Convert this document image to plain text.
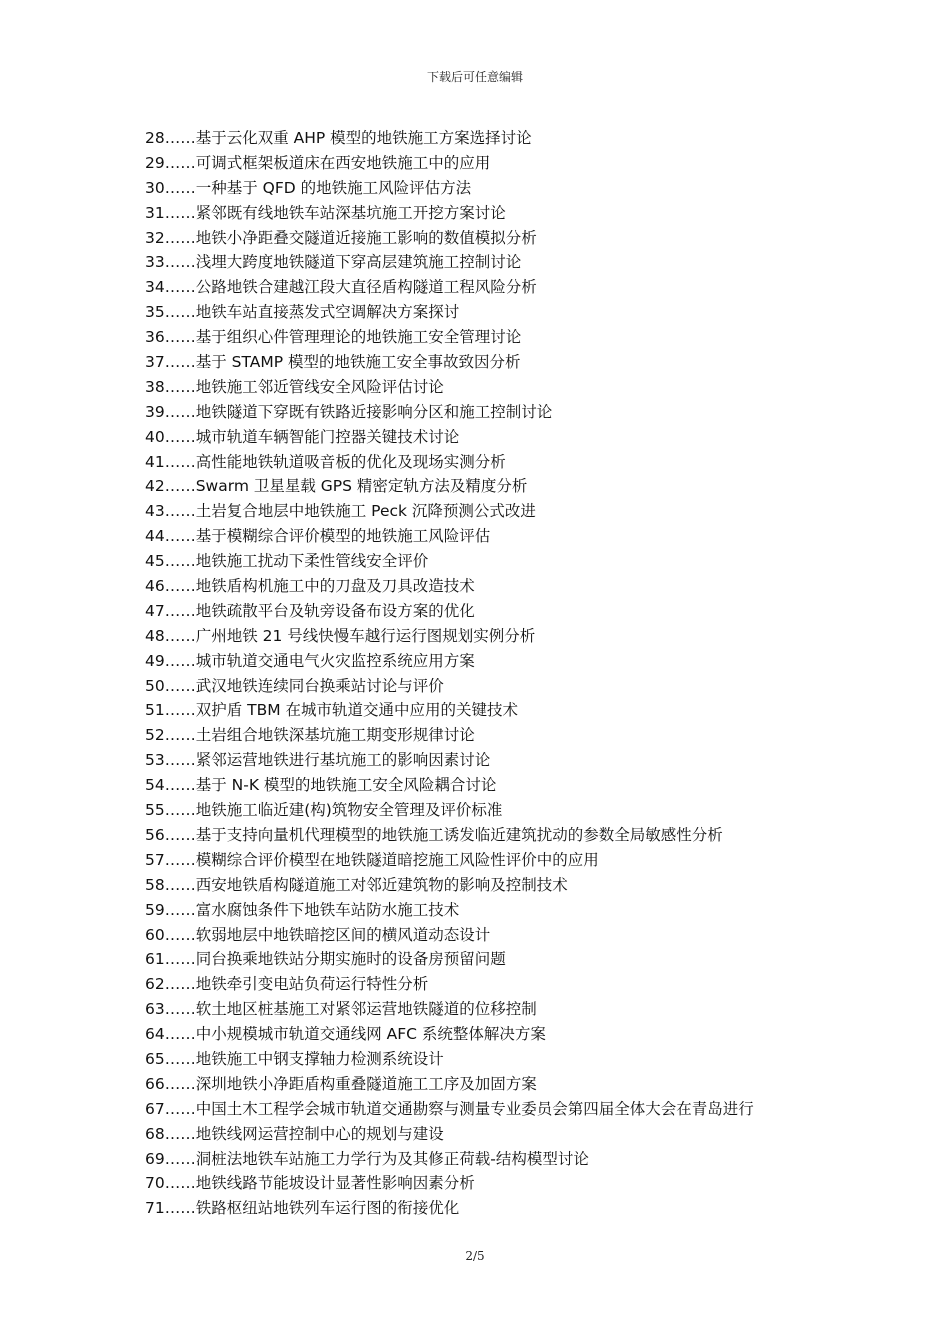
下载后可任意编辑
28……基于云化双重 AHP 模型的地铁施工方案选择讨论
29……可调式框架板道床在西安地铁施工中的应用
30……一种基于 QFD 的地铁施工风险评估方法
31……紧邻既有线地铁车站深基坑施工开挖方案讨论
32……地铁小净距叠交隧道近接施工影响的数值模拟分析
33……浅埋大跨度地铁隧道下穿高层建筑施工控制讨论
34……公路地铁合建越江段大直径盾构隧道工程风险分析
35……地铁车站直接蒸发式空调解决方案探讨
36……基于组织心件管理理论的地铁施工安全管理讨论
37……基于 STAMP 模型的地铁施工安全事故致因分析
38……地铁施工邻近管线安全风险评估讨论
39……地铁隧道下穿既有铁路近接影响分区和施工控制讨论
40……城市轨道车辆智能门控器关键技术讨论
41……高性能地铁轨道吸音板的优化及现场实测分析
42……Swarm 卫星星载 GPS 精密定轨方法及精度分析
43……土岩复合地层中地铁施工 Peck 沉降预测公式改进
44……基于模糊综合评价模型的地铁施工风险评估
45……地铁施工扰动下柔性管线安全评价
46……地铁盾构机施工中的刀盘及刀具改造技术
47……地铁疏散平台及轨旁设备布设方案的优化
48……广州地铁 21 号线快慢车越行运行图规划实例分析
49……城市轨道交通电气火灾监控系统应用方案
50……武汉地铁连续同台换乘站讨论与评价
51……双护盾 TBM 在城市轨道交通中应用的关键技术
52……土岩组合地铁深基坑施工期变形规律讨论
53……紧邻运营地铁进行基坑施工的影响因素讨论
54……基于 N-K 模型的地铁施工安全风险耦合讨论
55……地铁施工临近建(构)筑物安全管理及评价标准
56……基于支持向量机代理模型的地铁施工诱发临近建筑扰动的参数全局敏感性分析
57……模糊综合评价模型在地铁隧道暗挖施工风险性评价中的应用
58……西安地铁盾构隧道施工对邻近建筑物的影响及控制技术
59……富水腐蚀条件下地铁车站防水施工技术
60……软弱地层中地铁暗挖区间的横风道动态设计
61……同台换乘地铁站分期实施时的设备房预留问题
62……地铁牵引变电站负荷运行特性分析
63……软土地区桩基施工对紧邻运营地铁隧道的位移控制
64……中小规模城市轨道交通线网 AFC 系统整体解决方案
65……地铁施工中钢支撑轴力检测系统设计
66……深圳地铁小净距盾构重叠隧道施工工序及加固方案
67……中国土木工程学会城市轨道交通勘察与测量专业委员会第四届全体大会在青岛进行
68……地铁线网运营控制中心的规划与建设
69……洞桩法地铁车站施工力学行为及其修正荷载-结构模型讨论
70……地铁线路节能坡设计显著性影响因素分析
71……铁路枢纽站地铁列车运行图的衔接优化
2/5
